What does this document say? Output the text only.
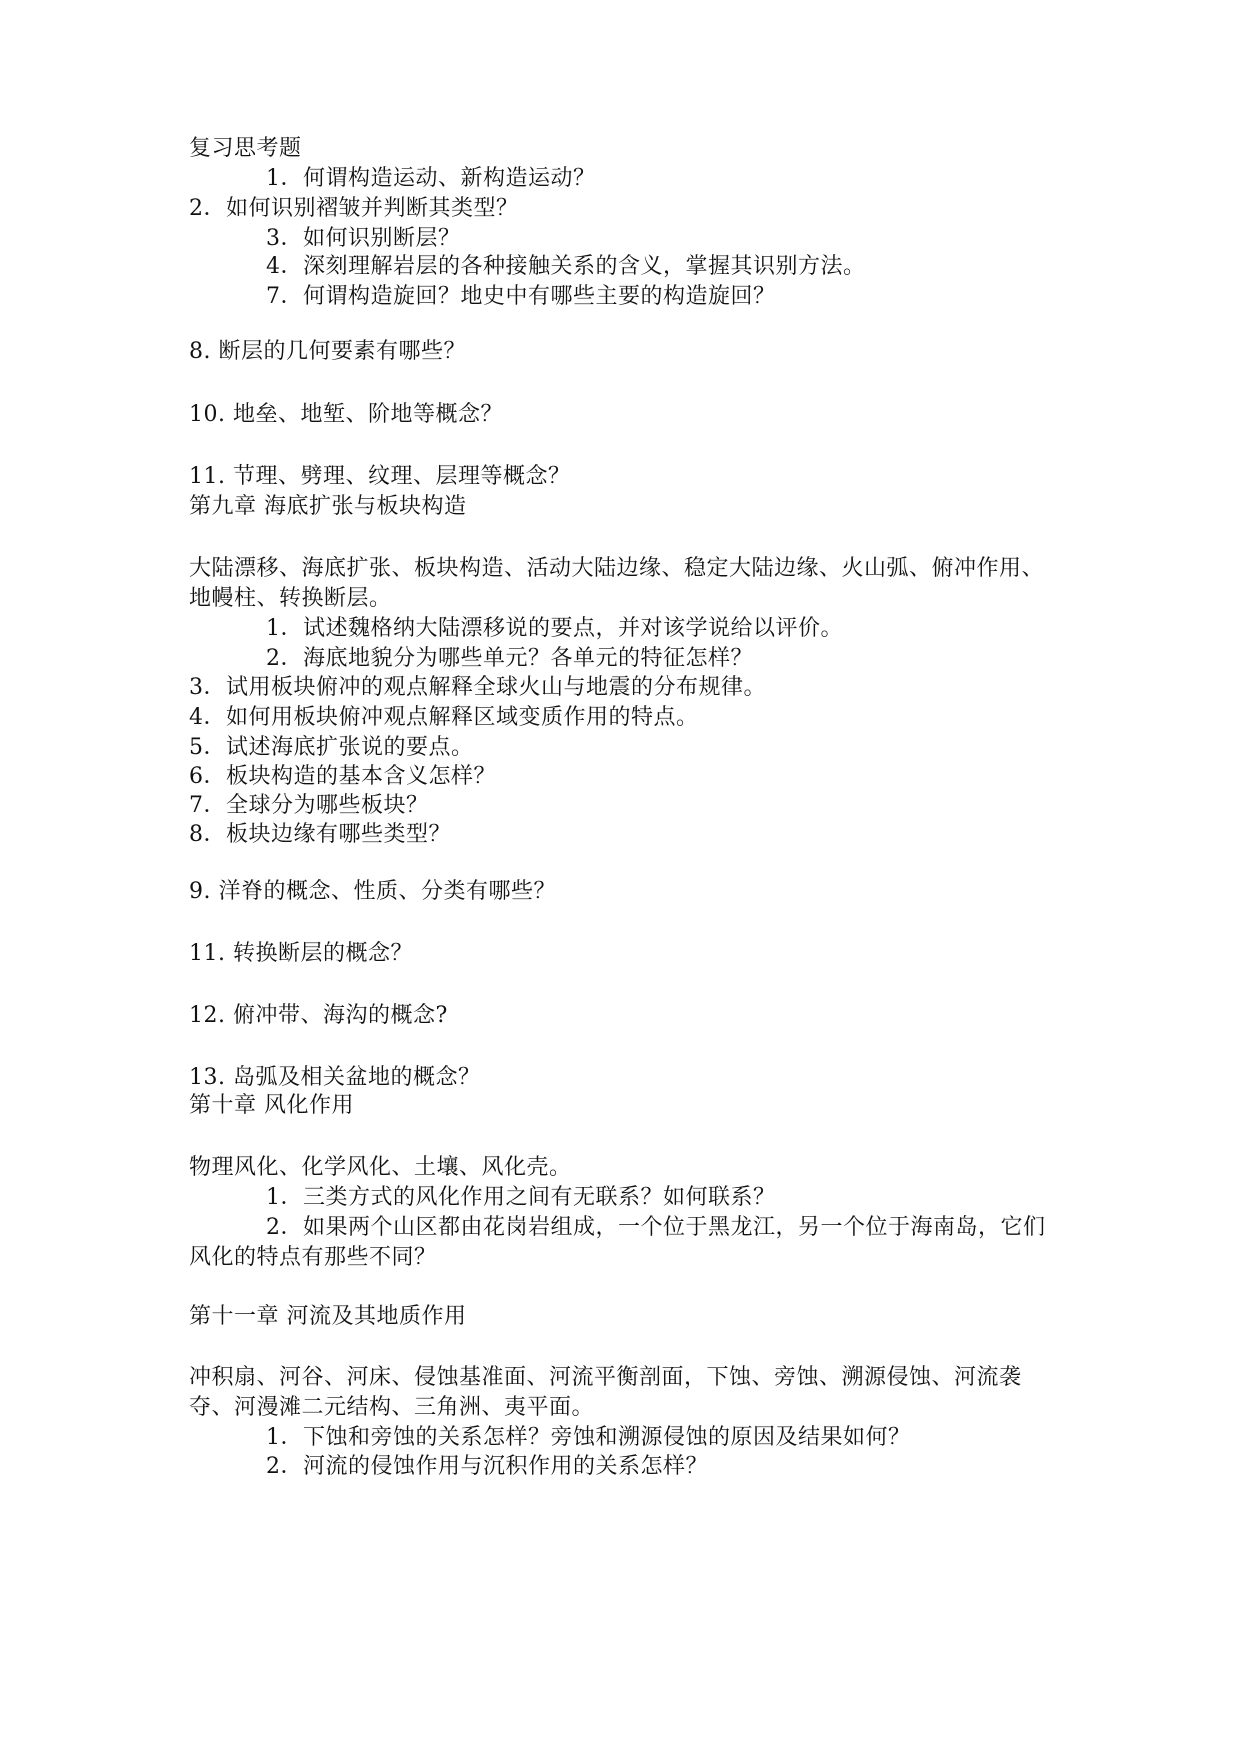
复习思考题
1．何谓构造运动、新构造运动？
2．如何识别褶皱并判断其类型？
3．如何识别断层？
4．深刻理解岩层的各种接触关系的含义，掌握其识别方法。
7．何谓构造旋回？地史中有哪些主要的构造旋回？
8. 断层的几何要素有哪些？
10. 地垒、地堑、阶地等概念？
11. 节理、劈理、纹理、层理等概念？
第九章 海底扩张与板块构造
大陆漂移、海底扩张、板块构造、活动大陆边缘、稳定大陆边缘、火山弧、俯冲作用、地幔柱、转换断层。
1．试述魏格纳大陆漂移说的要点，并对该学说给以评价。
2．海底地貌分为哪些单元？各单元的特征怎样？
3．试用板块俯冲的观点解释全球火山与地震的分布规律。
4．如何用板块俯冲观点解释区域变质作用的特点。
5．试述海底扩张说的要点。
6．板块构造的基本含义怎样？
7．全球分为哪些板块？
8．板块边缘有哪些类型？
9. 洋脊的概念、性质、分类有哪些？
11. 转换断层的概念？
12. 俯冲带、海沟的概念?
13. 岛弧及相关盆地的概念？
第十章 风化作用
物理风化、化学风化、土壤、风化壳。
1．三类方式的风化作用之间有无联系？如何联系？
2．如果两个山区都由花岗岩组成，一个位于黑龙江，另一个位于海南岛，它们风化的特点有那些不同？
第十一章 河流及其地质作用
冲积扇、河谷、河床、侵蚀基准面、河流平衡剖面，下蚀、旁蚀、溯源侵蚀、河流袭夺、河漫滩二元结构、三角洲、夷平面。
1．下蚀和旁蚀的关系怎样？旁蚀和溯源侵蚀的原因及结果如何？
2．河流的侵蚀作用与沉积作用的关系怎样？
